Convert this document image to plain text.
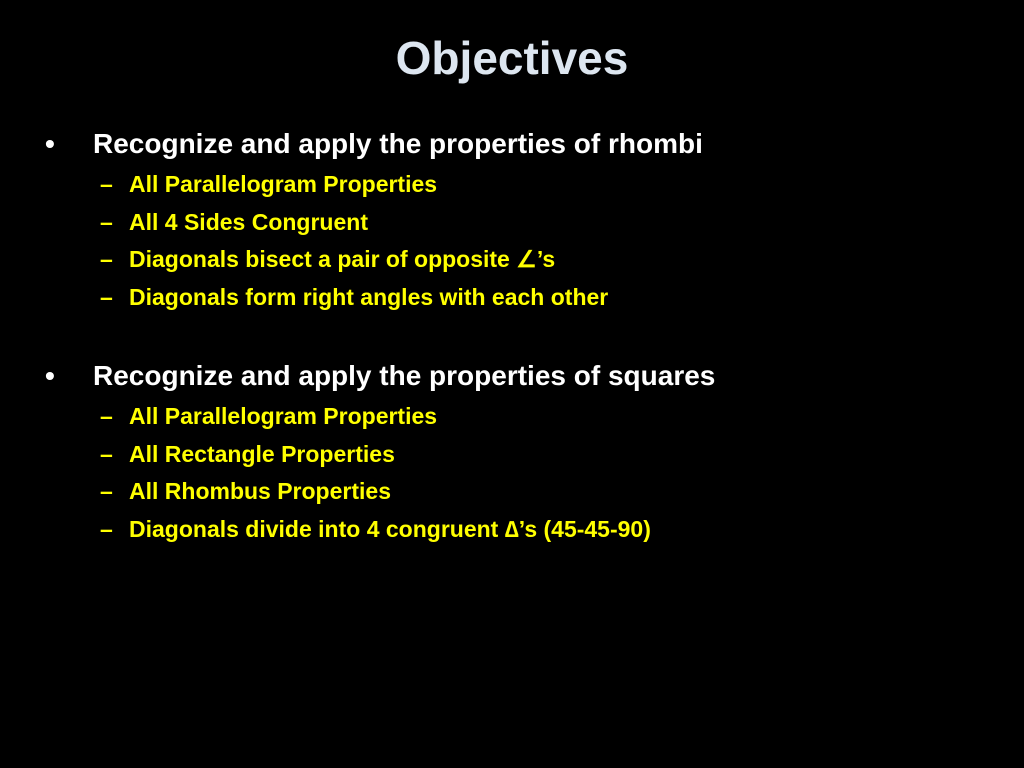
Objectives
• Recognize and apply the properties of rhombi
– All Parallelogram Properties
– All 4 Sides Congruent
– Diagonals bisect a pair of opposite ∠’s
– Diagonals form right angles with each other
• Recognize and apply the properties of squares
– All Parallelogram Properties
– All Rectangle Properties
– All Rhombus Properties
– Diagonals divide into 4 congruent ∆’s (45-45-90)
